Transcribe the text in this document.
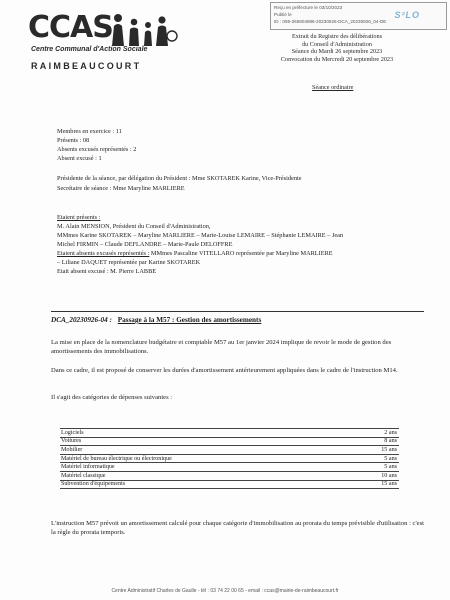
CCAS
Centre Communal d'Action Sociale
RAIMBEAUCOURT
Reçu en préfecture le 03/10/2023
Publié le
ID : 059-265904896-20230926-DCA_20230926_04-DE
S²LO
Extrait du Registre des délibérations
du Conseil d'Administration
Séance du Mardi 26 septembre 2023
Convocation du Mercredi 20 septembre 2023
Séance ordinaire
Membres en exercice : 11
Présents : 08
Absents excusés représentés : 2
Absent excusé : 1
Présidente de la séance, par délégation du Président : Mme SKOTAREK Karine, Vice-Présidente
Secrétaire de séance : Mme Maryline MARLIERE
Etaient présents :
M. Alain MENSION, Président du Conseil d'Administration,
MMmes Karine SKOTAREK – Maryline MARLIERE – Marie-Louise LEMAIRE – Stéphanie LEMAIRE – Jean
Michel FIRMIN – Claude DEFLANDRE – Marie-Paule DELOFFRE
Etaient absents excusés représentés : MMmes Pascaline VITELLARO représentée par Maryline MARLIERE
– Liliane DAQUET représentée par Karine SKOTAREK
Etait absent excusé : M. Pierre LABBE
DCA_20230926-04 : Passage à la M57 : Gestion des amortissements
La mise en place de la nomenclature budgétaire et comptable M57 au 1er janvier 2024 implique de revoir le mode de gestion des amortissements des immobilisations.
Dans ce cadre, il est proposé de conserver les durées d'amortissement antérieurement appliquées dans le cadre de l'instruction M14.
Il s'agit des catégories de dépenses suivantes :
Logiciels	2 ans
Voitures	8 ans
Mobilier	15 ans
Matériel de bureau électrique ou électronique	5 ans
Matériel informatique	5 ans
Matériel classique	10 ans
Subvention d'équipements	15 ans
L'instruction M57 prévoit un amortissement calculé pour chaque catégorie d'immobilisation au prorata du temps prévisible d'utilisation : c'est la règle du prorata temporis.
Centre Administratif Charles de Gaulle - tél : 03 74 22 00 65 - email : ccas@mairie-de-raimbeaucourt.fr
